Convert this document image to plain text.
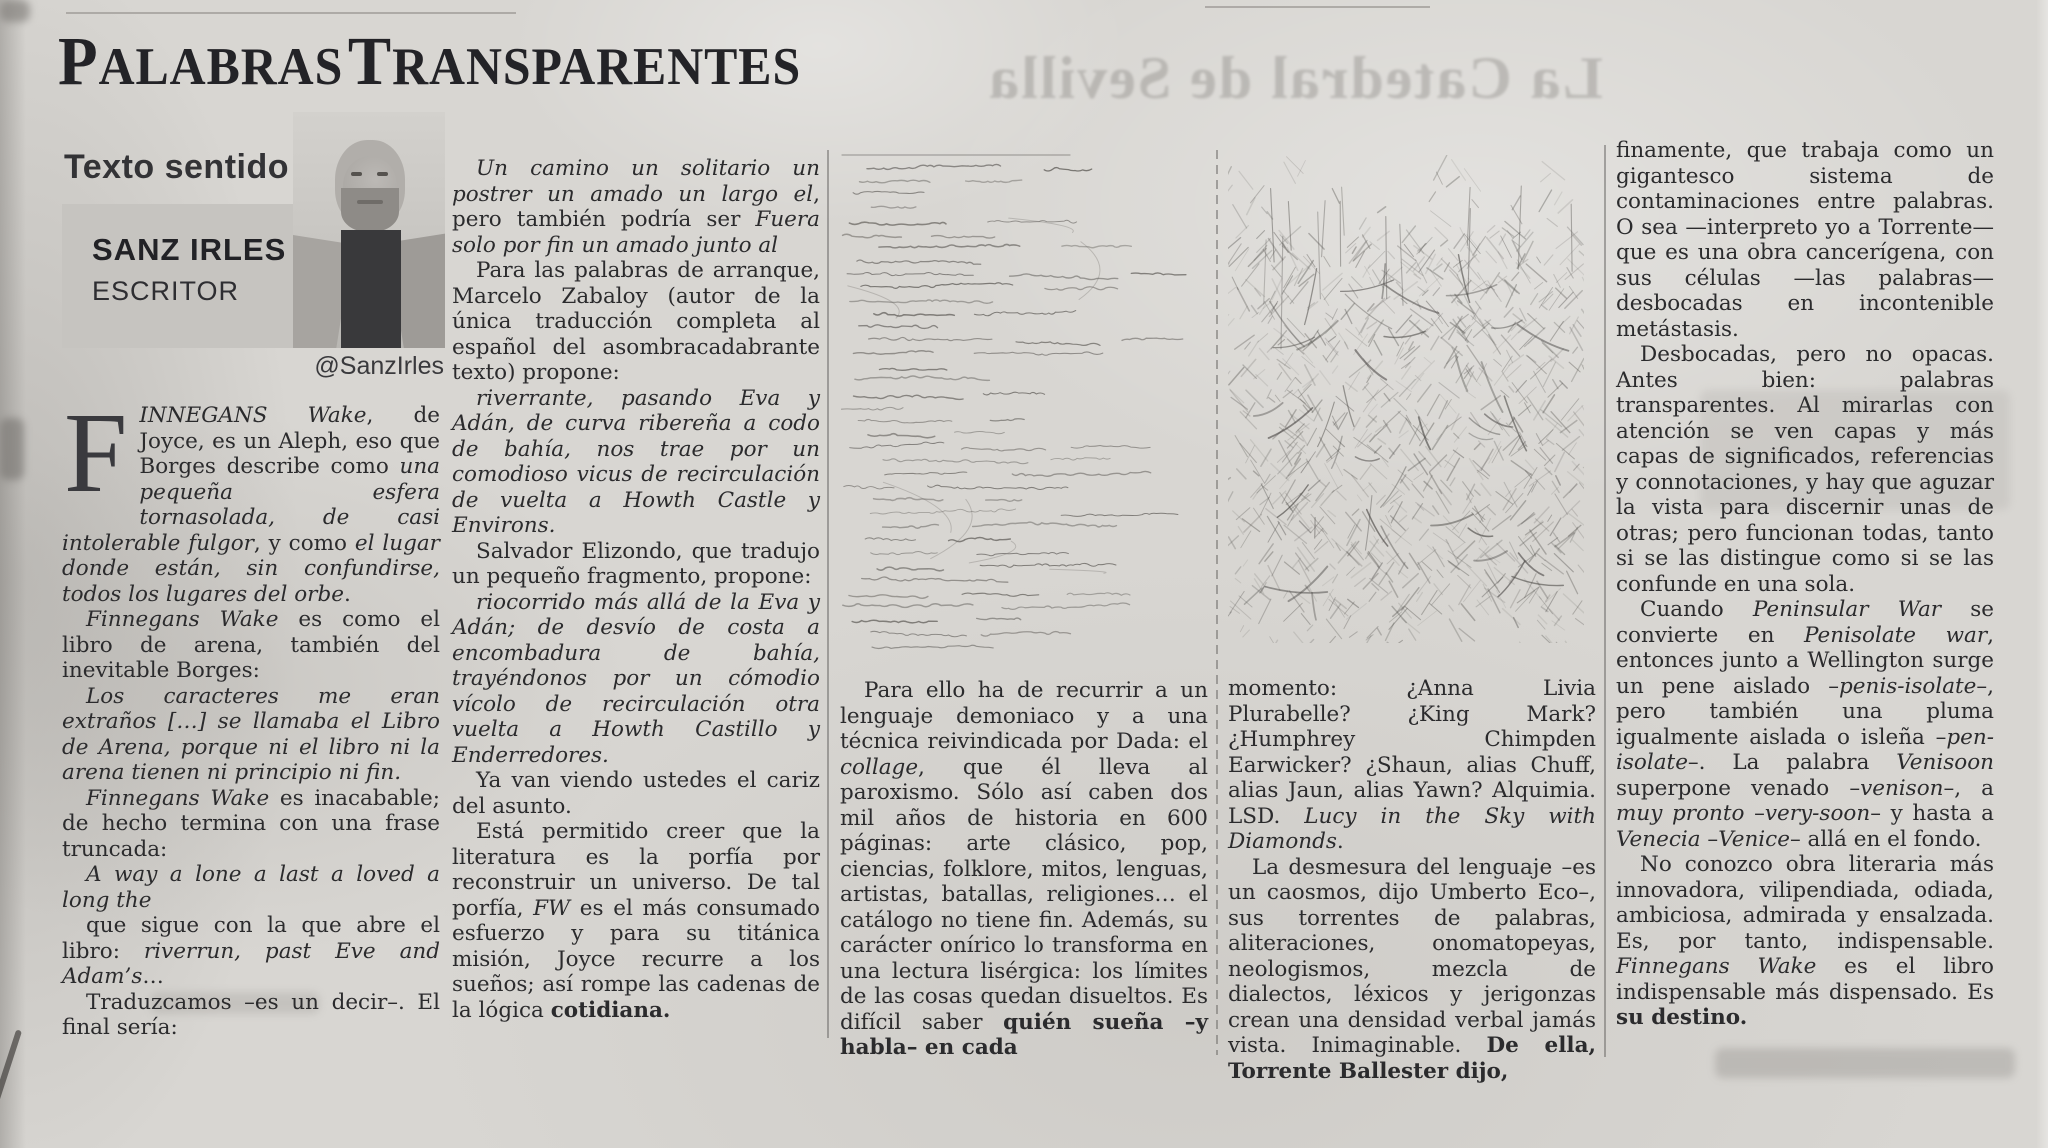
La Catedral de Sevilla
PALABRAS TRANSPARENTES
Texto sentido
SANZ IRLES
ESCRITOR
@SanzIrles

FINNEGANS Wake, de Joyce, es un Aleph, eso que Borges describe como una pequeña esfera tornasolada, de casi intolerable fulgor, y como el lugar donde están, sin confundirse, todos los lugares del orbe.

Finnegans Wake es como el libro de arena, también del inevitable Borges:

Los caracteres me eran extraños […] se llamaba el Libro de Arena, porque ni el libro ni la arena tienen ni principio ni fin.

Finnegans Wake es inacabable; de hecho termina con una frase truncada:

A way a lone a last a loved a long the

que sigue con la que abre el libro: riverrun, past Eve and Adam’s…

Traduzcamos –es un decir–. El final sería:

Un camino un solitario un postrer un amado un largo el, pero también podría ser Fuera solo por fin un amado junto al

Para las palabras de arranque, Marcelo Zabaloy (autor de la única traducción completa al español del asombracadabrante texto) propone:

riverrante, pasando Eva y Adán, de curva ribereña a codo de bahía, nos trae por un comodioso vicus de recirculación de vuelta a Howth Castle y Environs.

Salvador Elizondo, que tradujo un pequeño fragmento, propone:

riocorrido más allá de la Eva y Adán; de desvío de costa a encombadura de bahía, trayéndonos por un cómodio vícolo de recirculación otra vuelta a Howth Castillo y Enderredores.

Ya van viendo ustedes el cariz del asunto.

Está permitido creer que la literatura es la porfía por reconstruir un universo. De tal porfía, FW es el más consumado esfuerzo y para su titánica misión, Joyce recurre a los sueños; así rompe las cadenas de la lógica cotidiana.

Para ello ha de recurrir a un lenguaje demoniaco y a una técnica reivindicada por Dada: el collage, que él lleva al paroxismo. Sólo así caben dos mil años de historia en 600 páginas: arte clásico, pop, ciencias, folklore, mitos, lenguas, artistas, batallas, religiones… el catálogo no tiene fin. Además, su carácter onírico lo transforma en una lectura lisérgica: los límites de las cosas quedan disueltos. Es difícil saber quién sueña –y habla– en cada

momento: ¿Anna Livia Plurabelle? ¿King Mark? ¿Humphrey Chimpden Earwicker? ¿Shaun, alias Chuff, alias Jaun, alias Yawn? Alquimia. LSD. Lucy in the Sky with Diamonds.

La desmesura del lenguaje –es un caosmos, dijo Umberto Eco–, sus torrentes de palabras, aliteraciones, onomatopeyas, neologismos, mezcla de dialectos, léxicos y jerigonzas crean una densidad verbal jamás vista. Inimaginable. De ella, Torrente Ballester dijo,

finamente, que trabaja como un gigantesco sistema de contaminaciones entre palabras. O sea —interpreto yo a Torrente— que es una obra cancerígena, con sus células —las palabras—desbocadas en incontenible metástasis.

Desbocadas, pero no opacas. Antes bien: palabras transparentes. Al mirarlas con atención se ven capas y más capas de significados, referencias y connotaciones, y hay que aguzar la vista para discernir unas de otras; pero funcionan todas, tanto si se las distingue como si se las confunde en una sola.

Cuando Peninsular War se convierte en Penisolate war, entonces junto a Wellington surge un pene aislado –penis-isolate–, pero también una pluma igualmente aislada o isleña –pen-isolate–. La palabra Venisoon superpone venado –venison–, a muy pronto –very-soon– y hasta a Venecia –Venice– allá en el fondo.

No conozco obra literaria más innovadora, vilipendiada, odiada, ambiciosa, admirada y ensalzada. Es, por tanto, indispensable. Finnegans Wake es el libro indispensable más dispensado. Es su destino.
